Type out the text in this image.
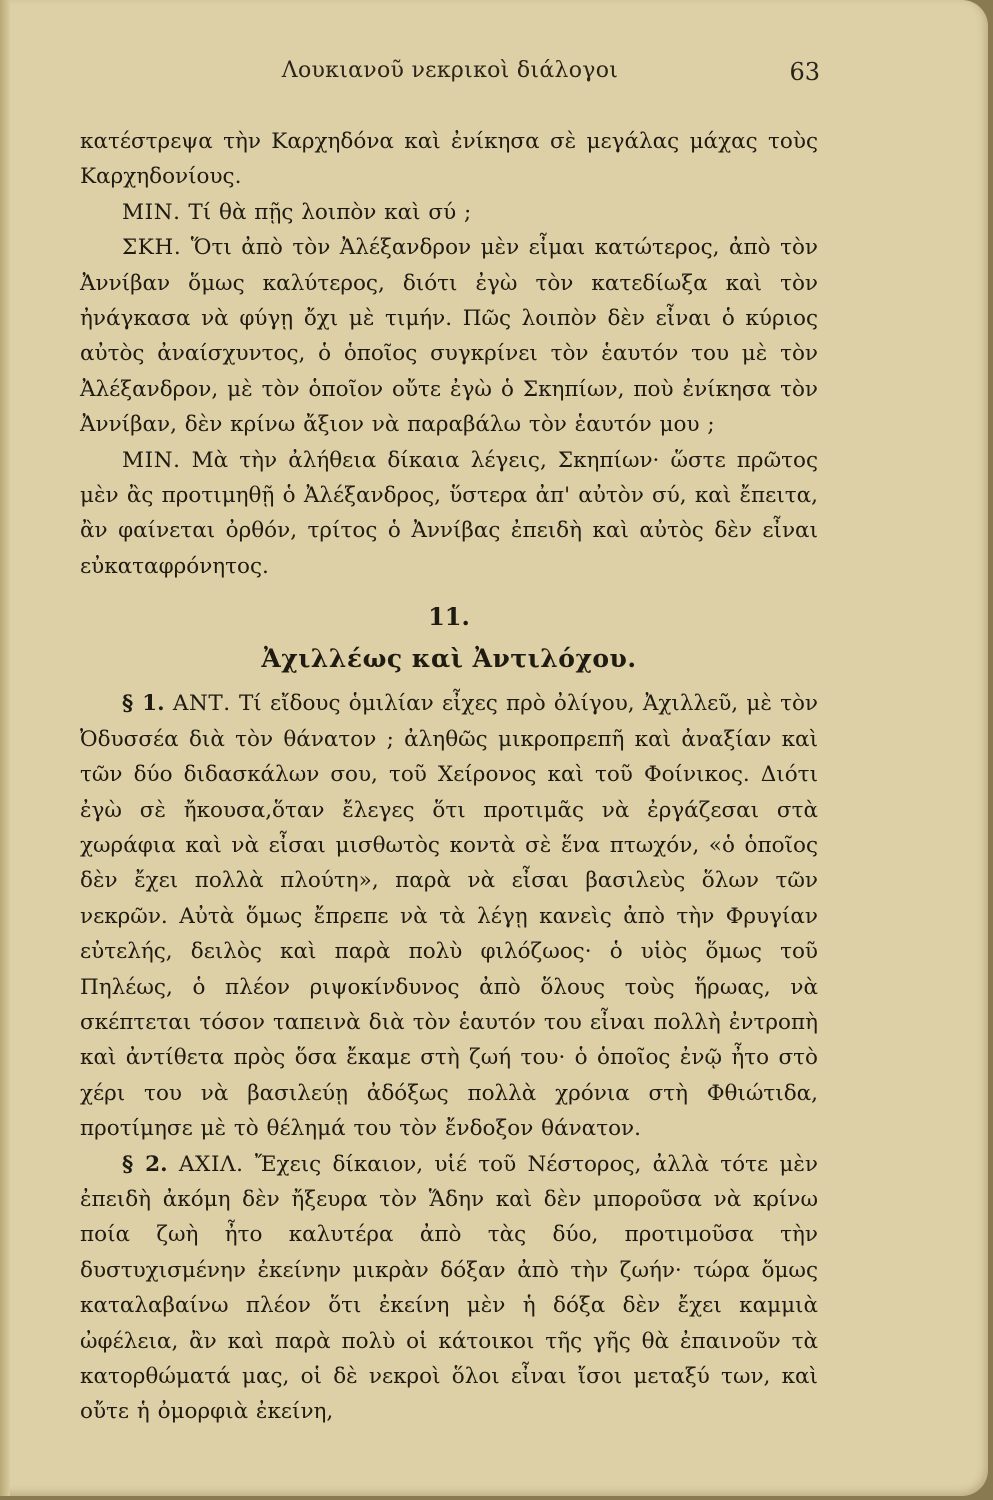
Λουκιανοῦ νεκρικοὶ διάλογοι	63

κατέστρεψα τὴν Καρχηδόνα καὶ ἐνίκησα σὲ μεγάλας μάχας τοὺς Καρχηδονίους.

ΜΙΝ. Τί θὰ πῇς λοιπὸν καὶ σύ ;

ΣΚΗ. Ὅτι ἀπὸ τὸν Ἀλέξανδρον μὲν εἶμαι κατώτερος, ἀπὸ τὸν Ἀννίβαν ὅμως καλύτερος, διότι ἐγὼ τὸν κατεδίωξα καὶ τὸν ἠνάγκασα νὰ φύγῃ ὄχι μὲ τιμήν. Πῶς λοιπὸν δὲν εἶναι ὁ κύριος αὐτὸς ἀναίσχυντος, ὁ ὁποῖος συγκρίνει τὸν ἑαυτόν του μὲ τὸν Ἀλέξανδρον, μὲ τὸν ὁποῖον οὔτε ἐγὼ ὁ Σκηπίων, ποὺ ἐνίκησα τὸν Ἀννίβαν, δὲν κρίνω ἄξιον νὰ παραβάλω τὸν ἑαυτόν μου ;

ΜΙΝ. Μὰ τὴν ἀλήθεια δίκαια λέγεις, Σκηπίων· ὥστε πρῶτος μὲν ἂς προτιμηθῇ ὁ Ἀλέξανδρος, ὕστερα ἀπ' αὐτὸν σύ, καὶ ἔπειτα, ἂν φαίνεται ὀρθόν, τρίτος ὁ Ἀννίβας ἐπειδὴ καὶ αὐτὸς δὲν εἶναι εὐκαταφρόνητος.

11.
Ἀχιλλέως καὶ Ἀντιλόχου.

§ 1. ΑΝΤ. Τί εἴδους ὁμιλίαν εἶχες πρὸ ὀλίγου, Ἀχιλλεῦ, μὲ τὸν Ὀδυσσέα διὰ τὸν θάνατον ; ἀληθῶς μικροπρεπῆ καὶ ἀναξίαν καὶ τῶν δύο διδασκάλων σου, τοῦ Χείρονος καὶ τοῦ Φοίνικος. Διότι ἐγὼ σὲ ἤκουσα,ὅταν ἔλεγες ὅτι προτιμᾶς νὰ ἐργάζεσαι στὰ χωράφια καὶ νὰ εἶσαι μισθωτὸς κοντὰ σὲ ἕνα πτωχόν, «ὁ ὁποῖος δὲν ἔχει πολλὰ πλούτη», παρὰ νὰ εἶσαι βασιλεὺς ὅλων τῶν νεκρῶν. Αὐτὰ ὅμως ἔπρεπε νὰ τὰ λέγῃ κανεὶς ἀπὸ τὴν Φρυγίαν εὐτελής, δειλὸς καὶ παρὰ πολὺ φιλόζωος· ὁ υἱὸς ὅμως τοῦ Πηλέως, ὁ πλέον ριψοκίνδυνος ἀπὸ ὅλους τοὺς ἥρωας, νὰ σκέπτεται τόσον ταπεινὰ διὰ τὸν ἑαυτόν του εἶναι πολλὴ ἐντροπὴ καὶ ἀντίθετα πρὸς ὅσα ἔκαμε στὴ ζωή του· ὁ ὁποῖος ἐνῷ ἦτο στὸ χέρι του νὰ βασιλεύῃ ἀδόξως πολλὰ χρόνια στὴ Φθιώτιδα, προτίμησε μὲ τὸ θέλημά του τὸν ἔνδοξον θάνατον.

§ 2. ΑΧΙΛ. Ἔχεις δίκαιον, υἱέ τοῦ Νέστορος, ἀλλὰ τότε μὲν ἐπειδὴ ἀκόμη δὲν ἤξευρα τὸν Ἅδην καὶ δὲν μποροῦσα νὰ κρίνω ποία ζωὴ ἦτο καλυτέρα ἀπὸ τὰς δύο, προτιμοῦσα τὴν δυστυχισμένην ἐκείνην μικρὰν δόξαν ἀπὸ τὴν ζωήν· τώρα ὅμως καταλαβαίνω πλέον ὅτι ἐκείνη μὲν ἡ δόξα δὲν ἔχει καμμιὰ ὠφέλεια, ἂν καὶ παρὰ πολὺ οἱ κάτοικοι τῆς γῆς θὰ ἐπαινοῦν τὰ κατορθώματά μας, οἱ δὲ νεκροὶ ὅλοι εἶναι ἴσοι μεταξύ των, καὶ οὔτε ἡ ὀμορφιὰ ἐκείνη,
